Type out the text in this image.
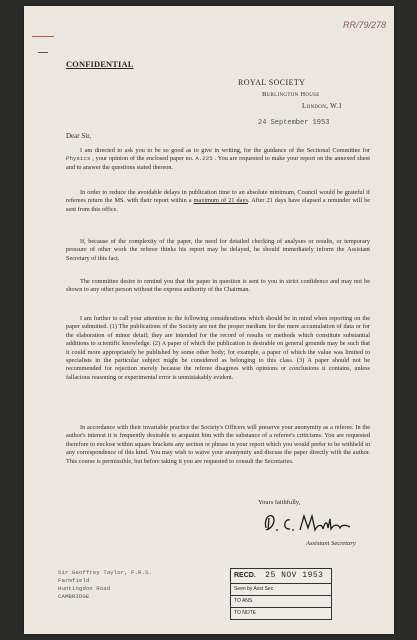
RR/79/278
CONFIDENTIAL
ROYAL SOCIETY
Burlington House
London, W.1
24 September 1953
Dear Sir,

I am directed to ask you to be so good as to give in writing, for the guidance of the Sectional Committee for Physics , your opinion of the enclosed paper no. A.225 . You are requested to make your report on the annexed sheet and to answer the questions stated thereon.

In order to reduce the avoidable delays in publication time to an absolute minimum, Council would be grateful if referees return the MS. with their report within a maximum of 21 days. After 21 days have elapsed a reminder will be sent from this office.

If, because of the complexity of the paper, the need for detailed checking of analyses or results, or temporary pressure of other work the referee thinks his report may be delayed, he should immediately inform the Assistant Secretary of this fact.

The committee desire to remind you that the paper in question is sent to you in strict confidence and may not be shown to any other person without the express authority of the Chairman.

I am further to call your attention to the following considerations which should be in mind when reporting on the paper submitted. (1) The publications of the Society are not the proper medium for the mere accumulation of data or for the elaboration of minor detail; they are intended for the record of results or methods which constitute substantial additions to scientific knowledge. (2) A paper of which the publication is desirable on general grounds may be such that it could more appropriately be published by some other body; for example, a paper of which the value was limited to specialists in the particular subject might be considered as belonging to this class. (3) A paper should not be recommended for rejection merely because the referee disagrees with opinions or conclusions it contains, unless fallacious reasoning or experimental error is unmistakably evident.

In accordance with their invariable practice the Society's Officers will preserve your anonymity as a referee. In the author's interest it is frequently desirable to acquaint him with the substance of a referee's criticisms. You are requested therefore to enclose within square brackets any section or phrase in your report which you would prefer to be withheld in any correspondence of this kind. You may wish to waive your anonymity and discuss the paper directly with the author. This course is permissible, but before taking it you are requested to consult the Secretaries.

Yours faithfully,
Assistant Secretary
Sir Geoffrey Taylor, F.R.S.
Farmfield
Huntingdon Road
CAMBRIDGE
RECD. 25 NOV 1953
Seen by Asst Sec
TO ANS.
TO NOTE
